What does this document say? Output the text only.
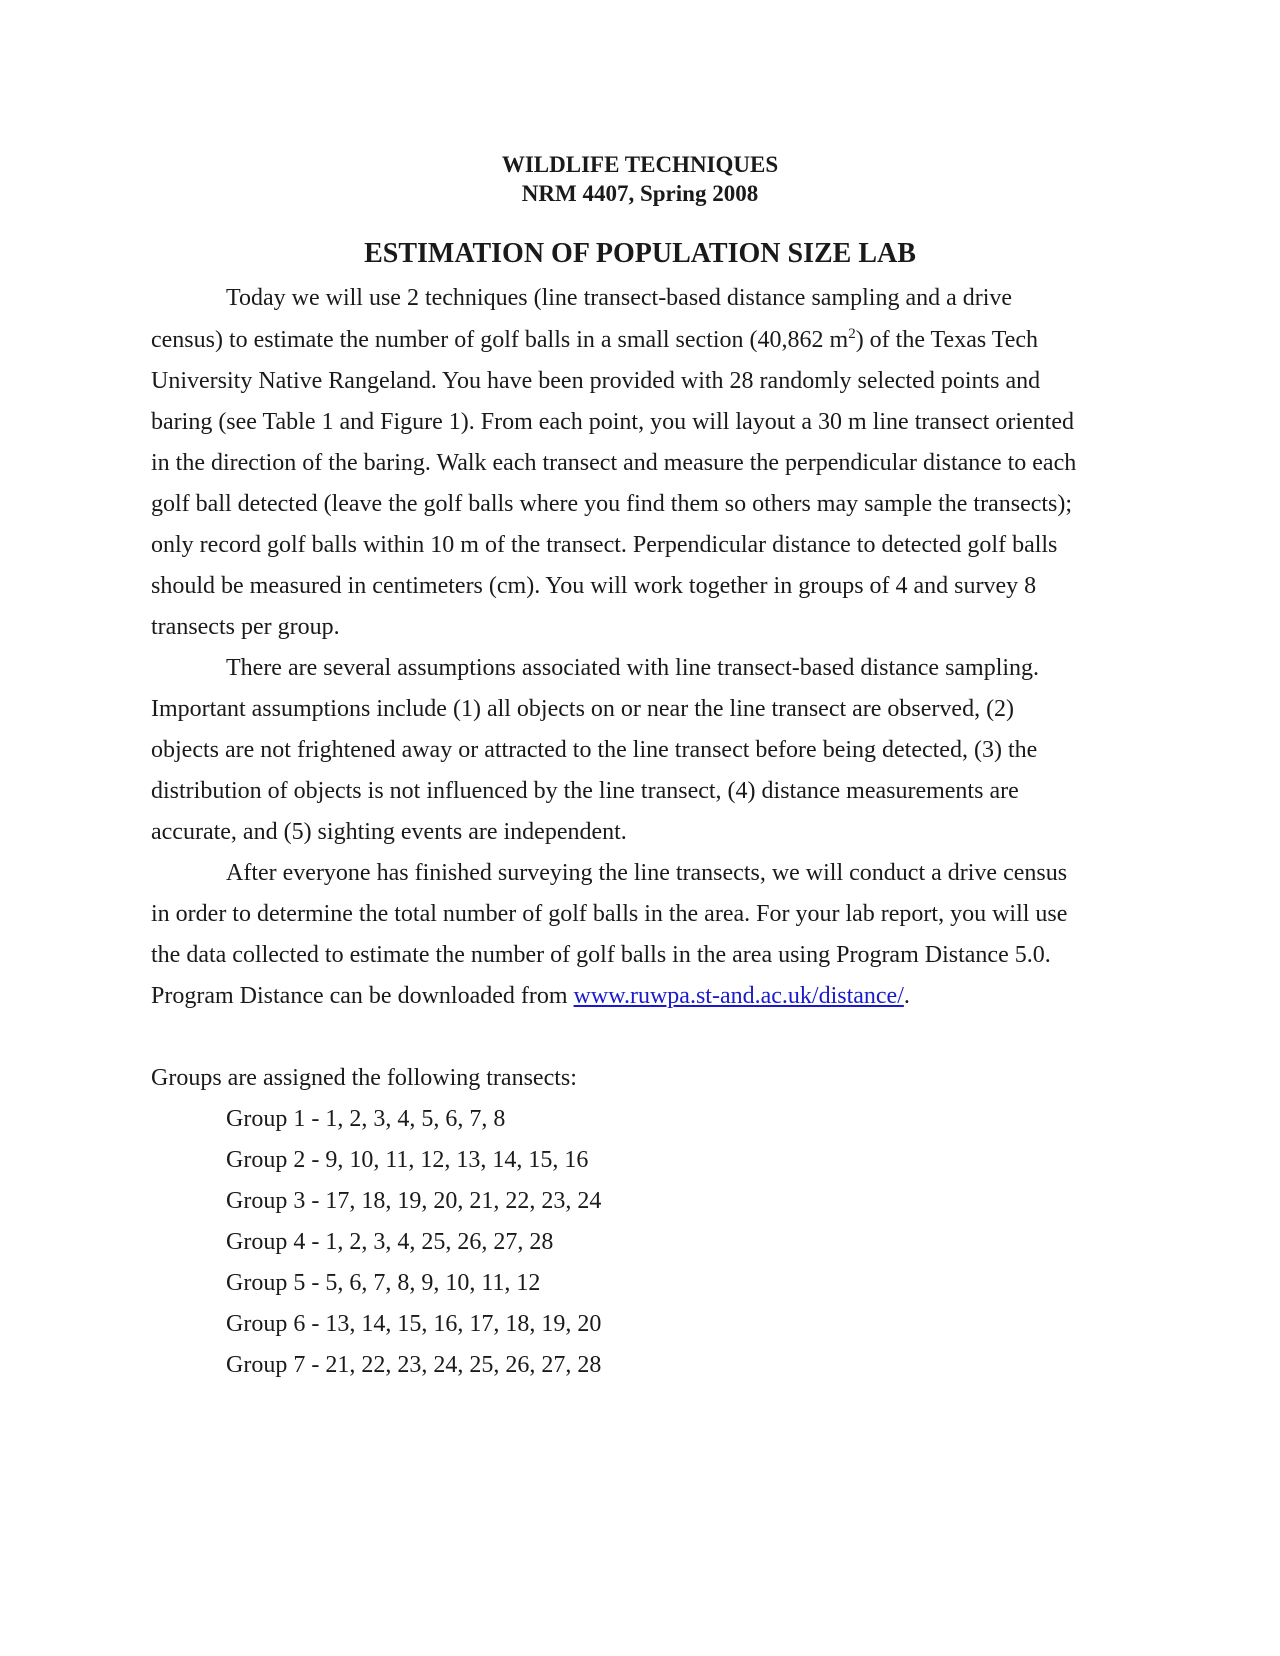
WILDLIFE TECHNIQUES
NRM 4407, Spring 2008
ESTIMATION OF POPULATION SIZE LAB
Today we will use 2 techniques (line transect-based distance sampling and a drive
census) to estimate the number of golf balls in a small section (40,862 $m^2$) of the Texas Tech
University Native Rangeland. You have been provided with 28 randomly selected points and
baring (see Table 1 and Figure 1). From each point, you will layout a 30 m line transect oriented
in the direction of the baring. Walk each transect and measure the perpendicular distance to each
golf ball detected (leave the golf balls where you find them so others may sample the transects);
only record golf balls within 10 m of the transect. Perpendicular distance to detected golf balls
should be measured in centimeters (cm). You will work together in groups of 4 and survey 8
transects per group.
There are several assumptions associated with line transect-based distance sampling.
Important assumptions include (1) all objects on or near the line transect are observed, (2)
objects are not frightened away or attracted to the line transect before being detected, (3) the
distribution of objects is not influenced by the line transect, (4) distance measurements are
accurate, and (5) sighting events are independent.
After everyone has finished surveying the line transects, we will conduct a drive census
in order to determine the total number of golf balls in the area. For your lab report, you will use
the data collected to estimate the number of golf balls in the area using Program Distance 5.0.
Program Distance can be downloaded from www.ruwpa.st-and.ac.uk/distance/.
Groups are assigned the following transects:
Group 1 - 1, 2, 3, 4, 5, 6, 7, 8
Group 2 - 9, 10, 11, 12, 13, 14, 15, 16
Group 3 - 17, 18, 19, 20, 21, 22, 23, 24
Group 4 - 1, 2, 3, 4, 25, 26, 27, 28
Group 5 - 5, 6, 7, 8, 9, 10, 11, 12
Group 6 - 13, 14, 15, 16, 17, 18, 19, 20
Group 7 - 21, 22, 23, 24, 25, 26, 27, 28
